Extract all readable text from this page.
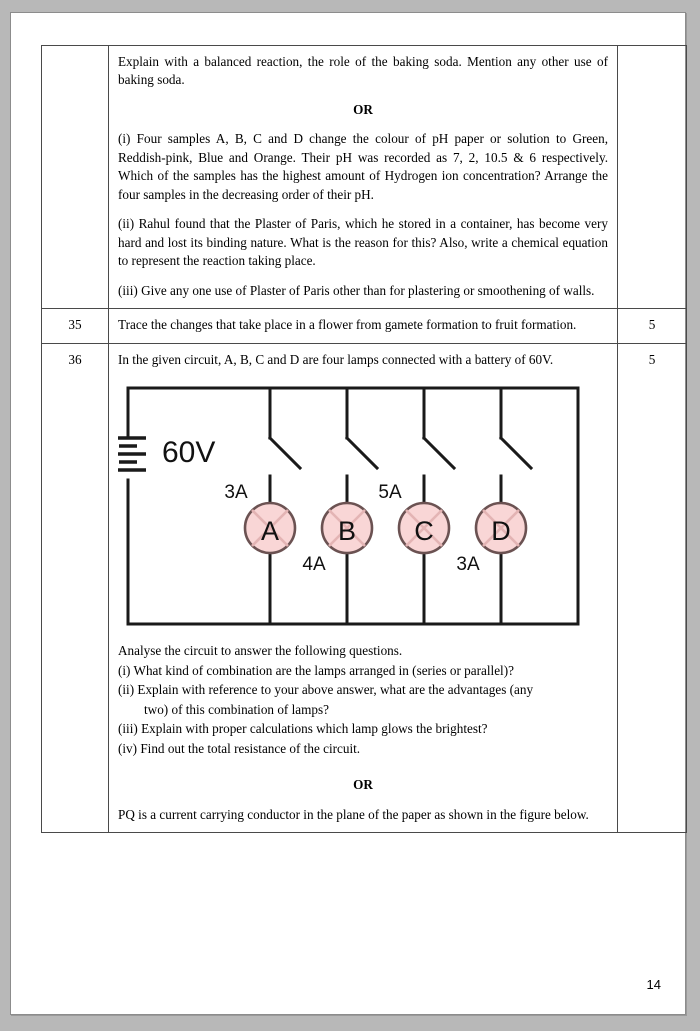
	Explain with a balanced reaction, the role of the baking soda. Mention any other use of baking soda.

OR

(i) Four samples A, B, C and D change the colour of pH paper or solution to Green, Reddish-pink, Blue and Orange. Their pH was recorded as 7, 2, 10.5 & 6 respectively. Which of the samples has the highest amount of Hydrogen ion concentration? Arrange the four samples in the decreasing order of their pH.

(ii) Rahul found that the Plaster of Paris, which he stored in a container, has become very hard and lost its binding nature. What is the reason for this? Also, write a chemical equation to represent the reaction taking place.

(iii) Give any one use of Plaster of Paris other than for plastering or smoothening of walls.	

35	Trace the changes that take place in a flower from gamete formation to fruit formation.	5
36	In the given circuit, A, B, C and D are four lamps connected with a battery of 60V.

60V
A
3A
B
4A
C
5A
D
3A

Analyse the circuit to answer the following questions.

(i) What kind of combination are the lamps arranged in (series or parallel)?

(ii) Explain with reference to your above answer, what are the advantages (any

two) of this combination of lamps?

(iii) Explain with proper calculations which lamp glows the brightest?

(iv) Find out the total resistance of the circuit.

OR

PQ is a current carrying conductor in the plane of the paper as shown in the figure below.

	5
14
